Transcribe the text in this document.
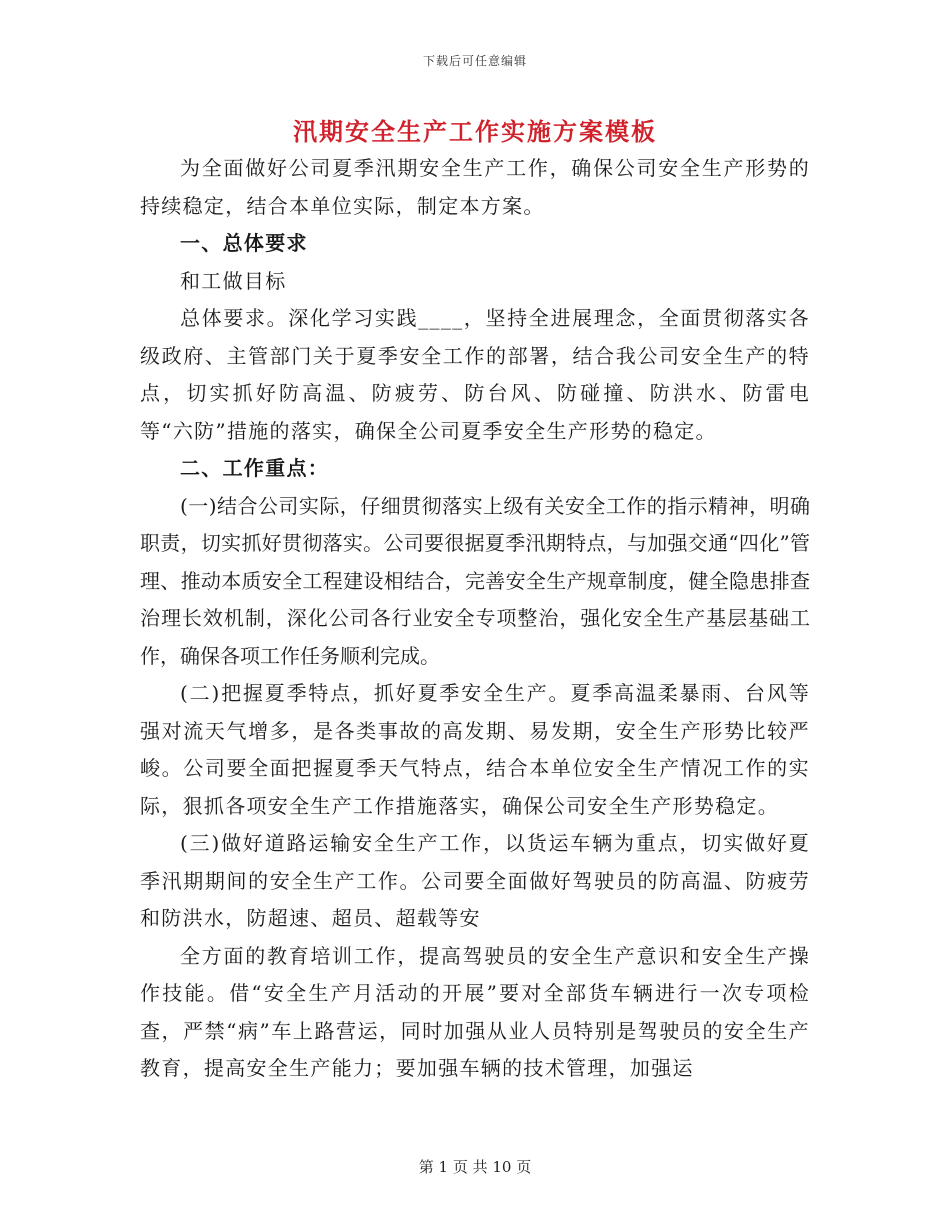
下载后可任意编辑
汛期安全生产工作实施方案模板

为全面做好公司夏季汛期安全生产工作，确保公司安全生产形势的持续稳定，结合本单位实际，制定本方案。

一、总体要求

和工做目标

总体要求。深化学习实践____，坚持全进展理念，全面贯彻落实各级政府、主管部门关于夏季安全工作的部署，结合我公司安全生产的特点，切实抓好防高温、防疲劳、防台风、防碰撞、防洪水、防雷电等“六防”措施的落实，确保全公司夏季安全生产形势的稳定。

二、工作重点：

(一)结合公司实际，仔细贯彻落实上级有关安全工作的指示精神，明确职责，切实抓好贯彻落实。公司要很据夏季汛期特点，与加强交通“四化”管理、推动本质安全工程建设相结合，完善安全生产规章制度，健全隐患排查治理长效机制，深化公司各行业安全专项整治，强化安全生产基层基础工作，确保各项工作任务顺利完成。

(二)把握夏季特点，抓好夏季安全生产。夏季高温柔暴雨、台风等强对流天气增多，是各类事故的高发期、易发期，安全生产形势比较严峻。公司要全面把握夏季天气特点，结合本单位安全生产情况工作的实际，狠抓各项安全生产工作措施落实，确保公司安全生产形势稳定。

(三)做好道路运输安全生产工作，以货运车辆为重点，切实做好夏季汛期期间的安全生产工作。公司要全面做好驾驶员的防高温、防疲劳和防洪水，防超速、超员、超载等安

全方面的教育培训工作，提高驾驶员的安全生产意识和安全生产操作技能。借“安全生产月活动的开展”要对全部货车辆进行一次专项检查，严禁“病”车上路营运，同时加强从业人员特别是驾驶员的安全生产教育，提高安全生产能力；要加强车辆的技术管理，加强运

第 1 页 共 10 页
